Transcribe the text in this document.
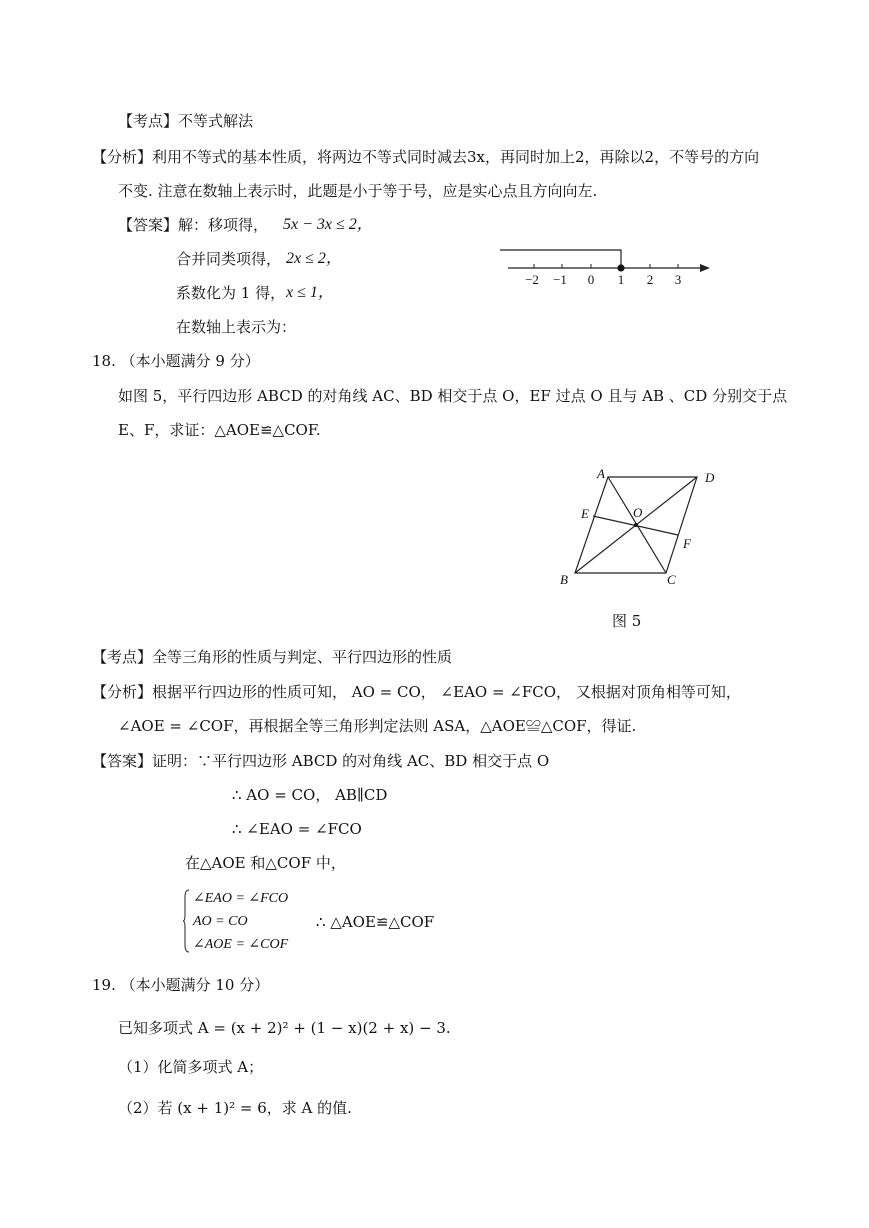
【考点】不等式解法
【分析】利用不等式的基本性质，将两边不等式同时减去3x，再同时加上2，再除以2，不等号的方向
不变. 注意在数轴上表示时，此题是小于等于号，应是实心点且方向向左.
【答案】解：移项得， 5x − 3x ≤ 2，
合并同类项得， 2x ≤ 2，
系数化为 1 得， x ≤ 1，
在数轴上表示为：
−2 −1 0 1 2 3
18. （本小题满分 9 分）
如图 5，平行四边形 ABCD 的对角线 AC、BD 相交于点 O，EF 过点 O 且与 AB 、CD 分别交于点
E、F，求证：△AOE≌△COF.
A	D
E	O
F
B	C
图 5
【考点】全等三角形的性质与判定、平行四边形的性质
【分析】根据平行四边形的性质可知， AO = CO， ∠EAO = ∠FCO， 又根据对顶角相等可知，
∠AOE = ∠COF，再根据全等三角形判定法则 ASA，△AOE≌△COF，得证.
【答案】证明：∵平行四边形 ABCD 的对角线 AC、BD 相交于点 O
∴ AO = CO， AB∥CD
∴ ∠EAO = ∠FCO
在△AOE 和△COF 中，
∠EAO = ∠FCO
AO = CO
∠AOE = ∠COF
∴ △AOE≌△COF
19. （本小题满分 10 分）
已知多项式 A = (x + 2)² + (1 − x)(2 + x) − 3.
（1）化简多项式 A；
（2）若 (x + 1)² = 6，求 A 的值.
